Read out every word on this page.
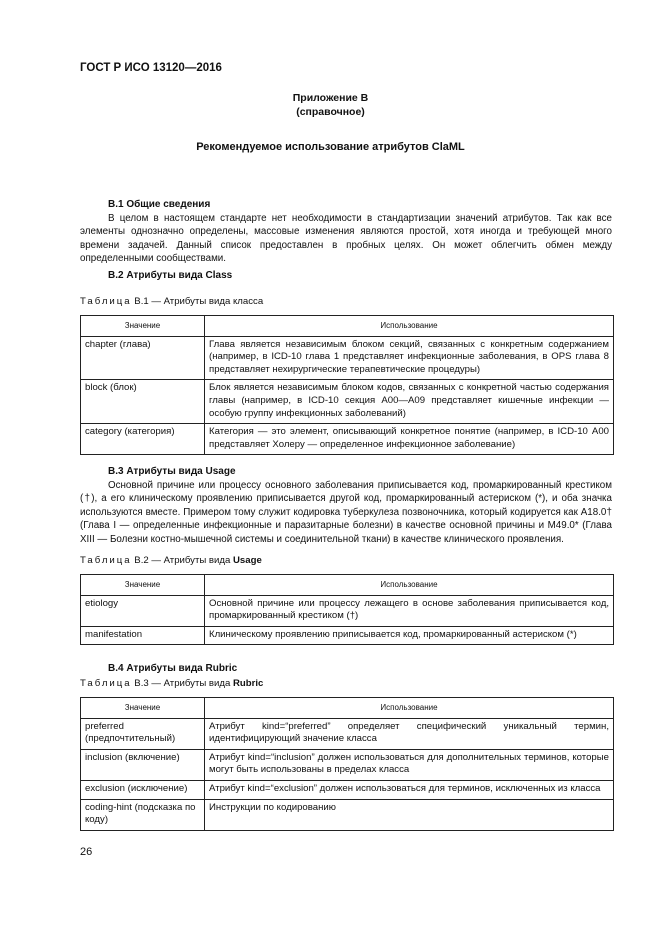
ГОСТ Р ИСО 13120—2016
Приложение В
(справочное)
Рекомендуемое использование атрибутов ClaML
В.1 Общие сведения

В целом в настоящем стандарте нет необходимости в стандартизации значений атрибутов. Так как все элементы однозначно определены, массовые изменения являются простой, хотя иногда и требующей много времени задачей. Данный список предоставлен в пробных целях. Он может облегчить обмен между определенными сообществами.

В.2 Атрибуты вида Class
Таблица В.1 — Атрибуты вида класса
Значение	Использование
chapter (глава)	Глава является независимым блоком секций, связанных с конкретным содержанием (например, в ICD-10 глава 1 представляет инфекционные заболевания, в OPS глава 8 представляет нехирургические терапевтические процедуры)
block (блок)	Блок является независимым блоком кодов, связанных с конкретной частью содержания главы (например, в ICD-10 секция А00—А09 представляет кишечные инфекции — особую группу инфекционных заболеваний)
category (категория)	Категория — это элемент, описывающий конкретное понятие (например, в ICD-10 А00 представляет Холеру — определенное инфекционное заболевание)
В.3 Атрибуты вида Usage

Основной причине или процессу основного заболевания приписывается код, промаркированный крестиком (†), а его клиническому проявлению приписывается другой код, промаркированный астериском (*), и оба значка используются вместе. Примером тому служит кодировка туберкулеза позвоночника, который кодируется как А18.0† (Глава I — определенные инфекционные и паразитарные болезни) в качестве основной причины и M49.0* (Глава XIII — Болезни костно-мышечной системы и соединительной ткани) в качестве клинического проявления.

Таблица В.2 — Атрибуты вида Usage
Значение	Использование
etiology	Основной причине или процессу лежащего в основе заболевания приписывается код, промаркированный крестиком (†)
manifestation	Клиническому проявлению приписывается код, промаркированный астериском (*)
В.4 Атрибуты вида Rubric
Таблица В.3 — Атрибуты вида Rubric
Значение	Использование
preferred (предпочтительный)	Атрибут kind=“preferred” определяет специфический уникальный термин, идентифицирующий значение класса
inclusion (включение)	Атрибут kind=“inclusion” должен использоваться для дополнительных терминов, которые могут быть использованы в пределах класса
exclusion (исключение)	Атрибут kind=“exclusion” должен использоваться для терминов, исключенных из класса
coding-hint (подсказка по коду)	Инструкции по кодированию
26
